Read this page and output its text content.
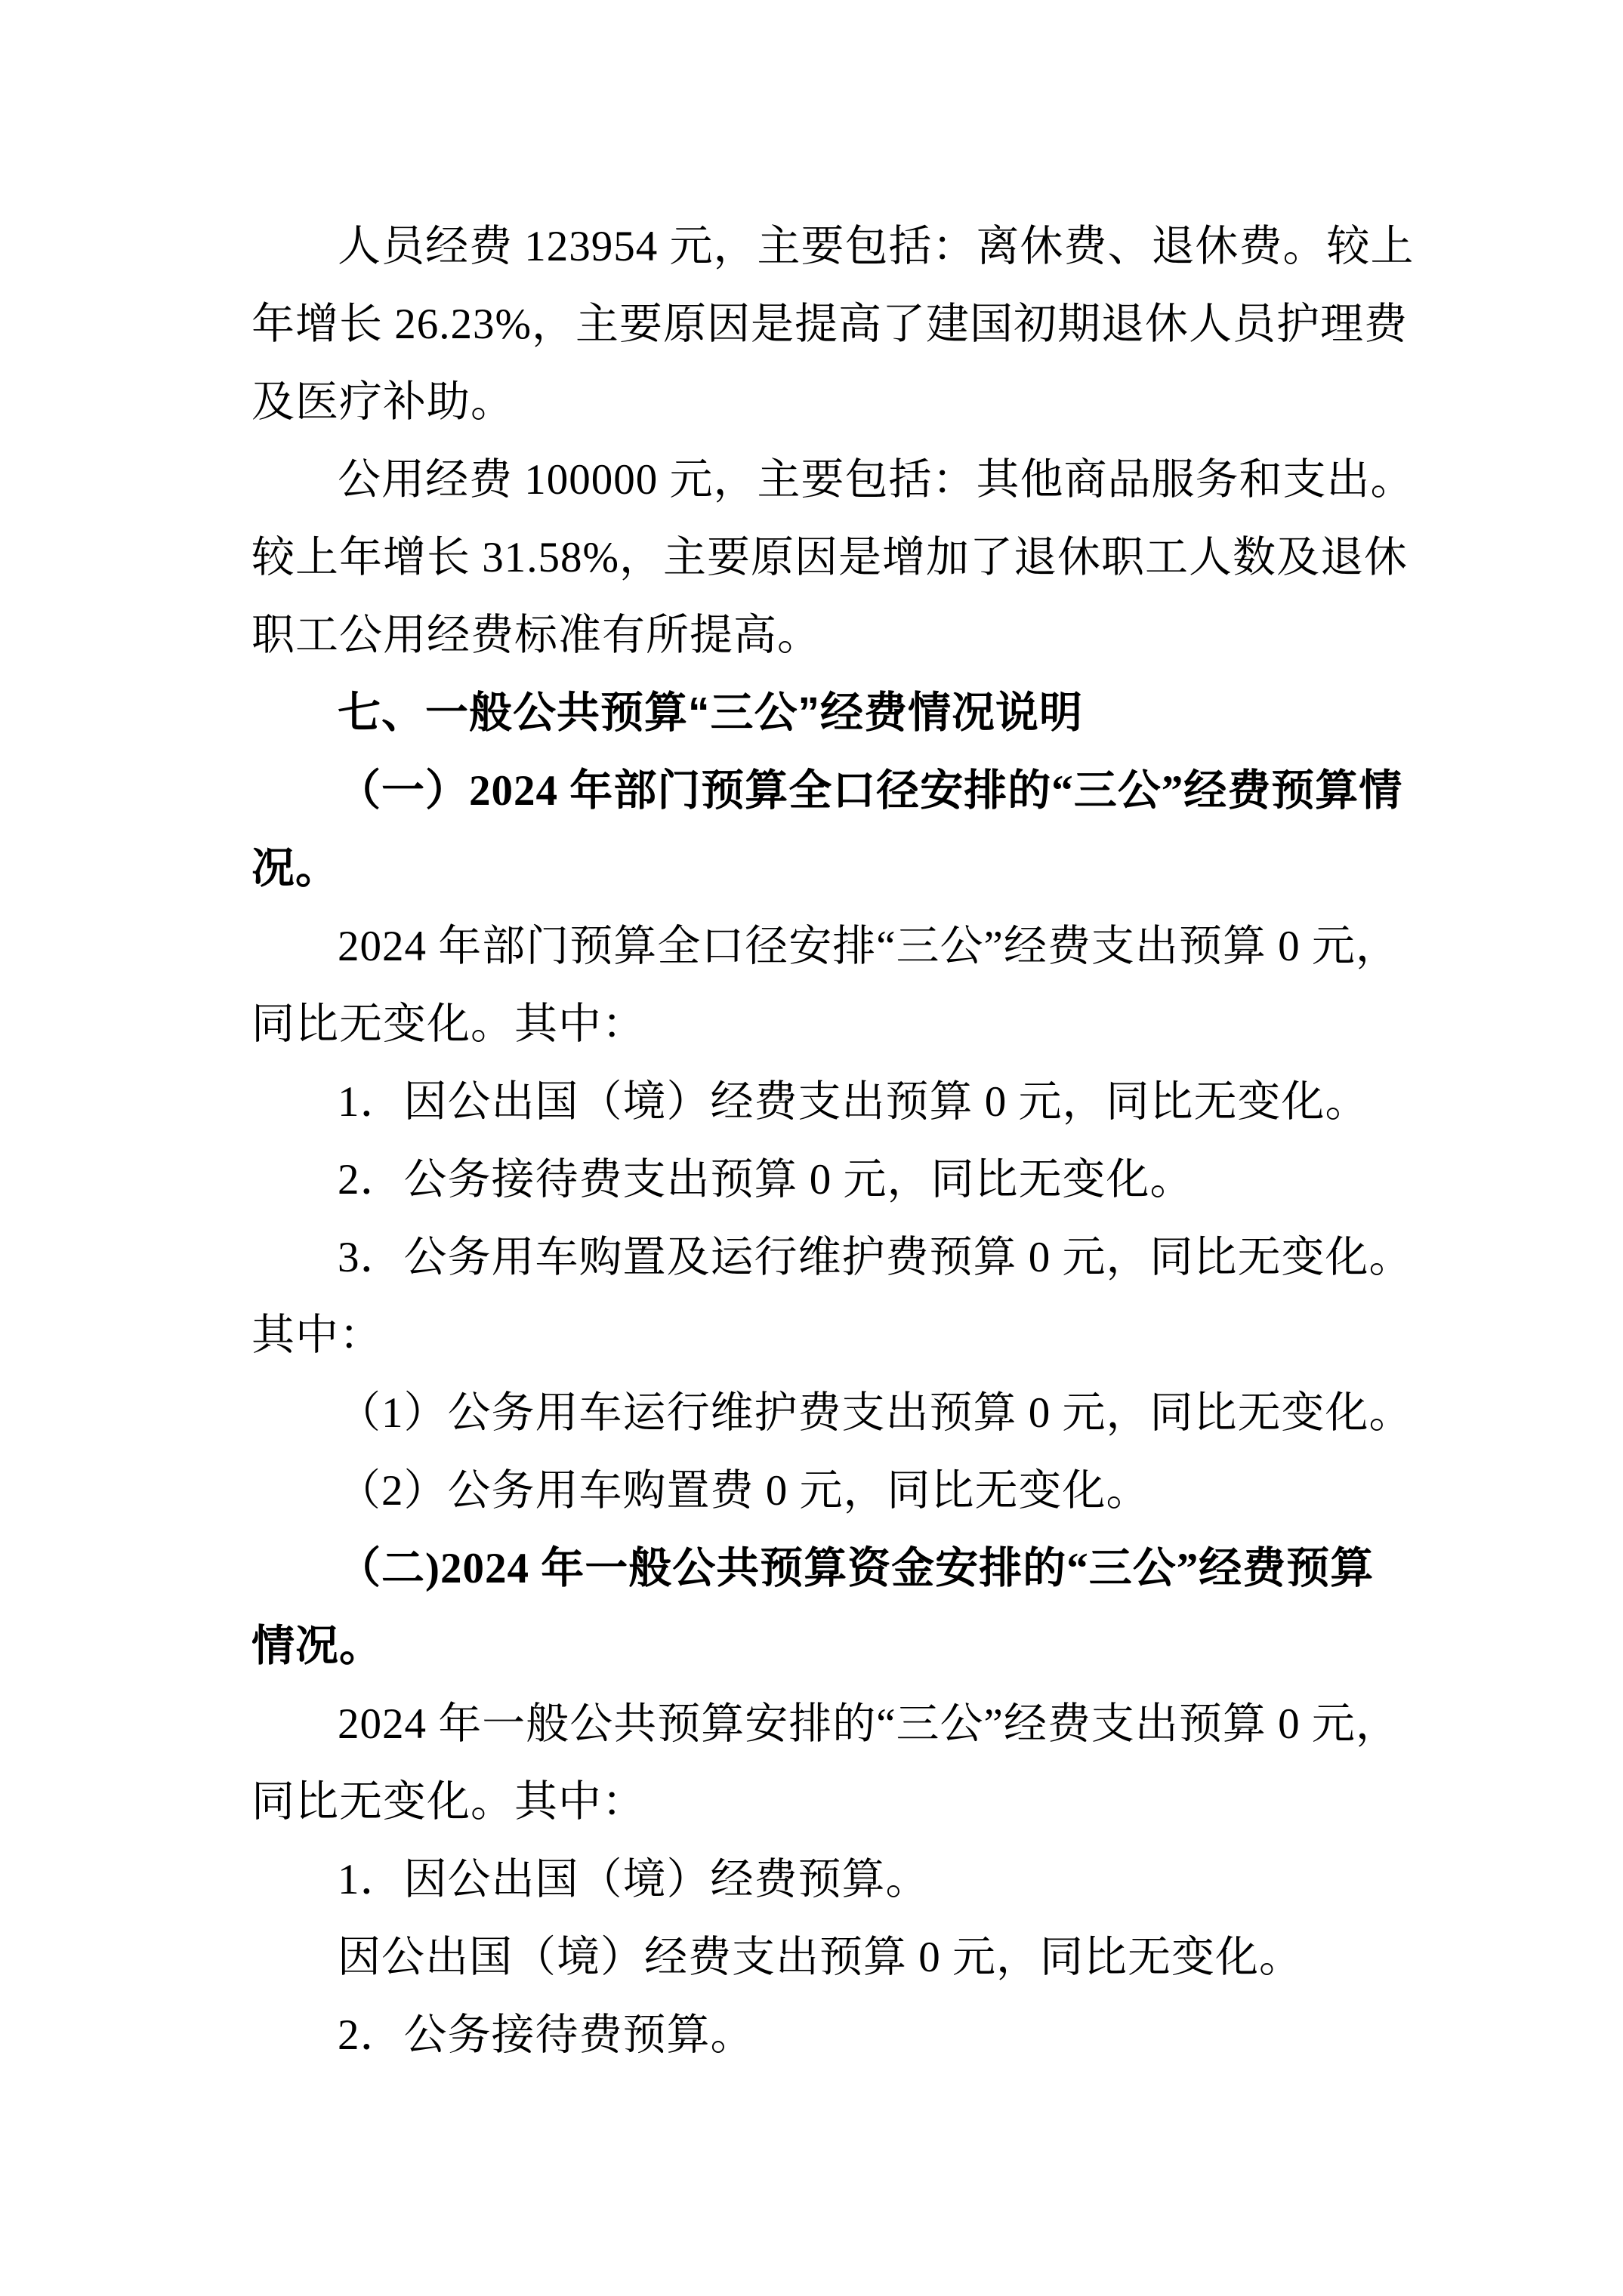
人员经费 123954 元，主要包括：离休费、退休费。较上

年增长 26.23%，主要原因是提高了建国初期退休人员护理费

及医疗补助。

公用经费 100000 元，主要包括：其他商品服务和支出。

较上年增长 31.58%，主要原因是增加了退休职工人数及退休

职工公用经费标准有所提高。

七、一般公共预算“三公”经费情况说明

（一）2024 年部门预算全口径安排的“三公”经费预算情

况。

2024 年部门预算全口径安排“三公”经费支出预算 0 元，

同比无变化。其中：

1．因公出国（境）经费支出预算 0 元，同比无变化。

2．公务接待费支出预算 0 元，同比无变化。

3．公务用车购置及运行维护费预算 0 元，同比无变化。

其中：

（1）公务用车运行维护费支出预算 0 元，同比无变化。

（2）公务用车购置费 0 元，同比无变化。

（二)2024 年一般公共预算资金安排的“三公”经费预算

情况。

2024 年一般公共预算安排的“三公”经费支出预算 0 元，

同比无变化。其中：

1．因公出国（境）经费预算。

因公出国（境）经费支出预算 0 元，同比无变化。

2．公务接待费预算。
